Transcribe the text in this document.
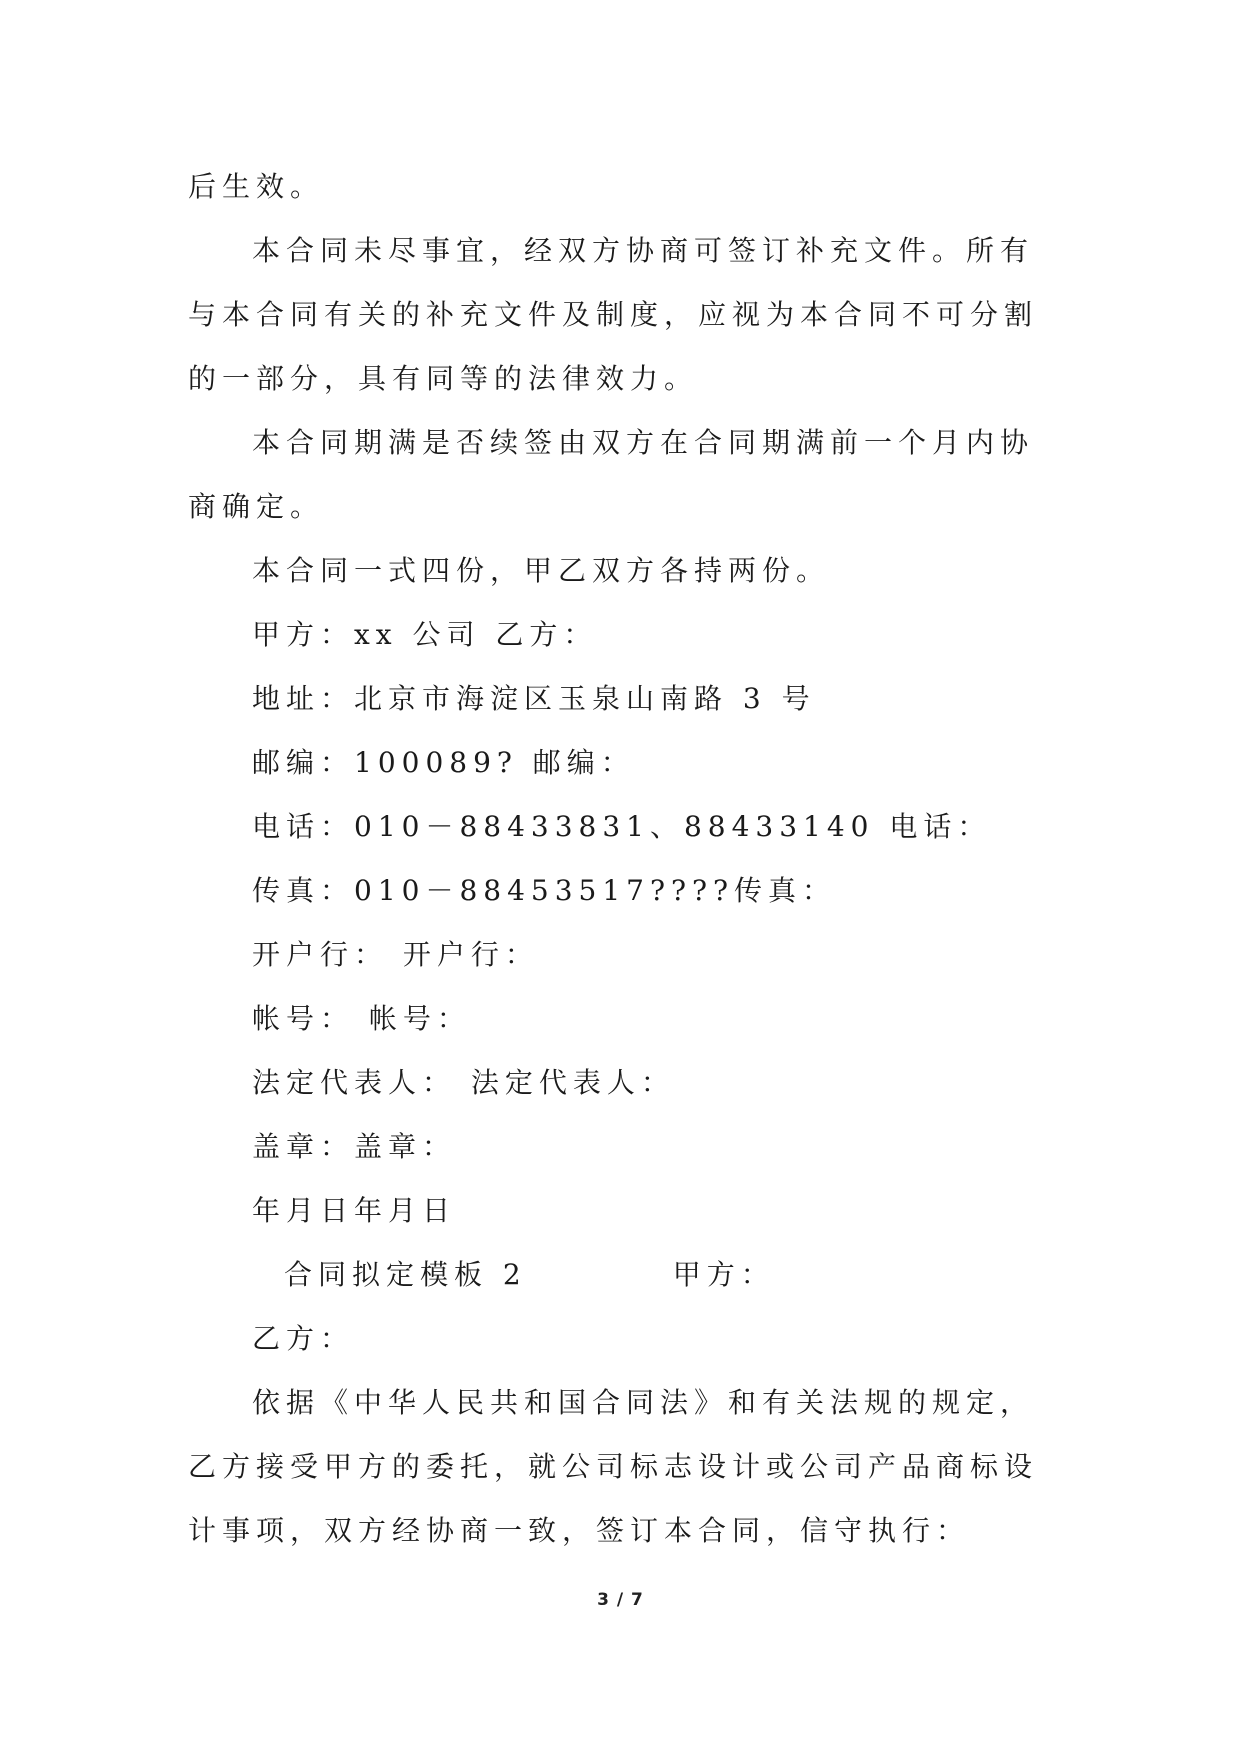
后生效。

本合同未尽事宜，经双方协商可签订补充文件。所有与本合同有关的补充文件及制度，应视为本合同不可分割的一部分，具有同等的法律效力。

本合同期满是否续签由双方在合同期满前一个月内协商确定。

本合同一式四份，甲乙双方各持两份。

甲方：xx 公司 乙方：

地址：北京市海淀区玉泉山南路 3 号

邮编：100089? 邮编：

电话：010－88433831、88433140 电话：

传真：010－88453517????传真：

开户行： 开户行：

帐号： 帐号：

法定代表人： 法定代表人：

盖章：盖章：

年月日年月日

合同拟定模板 2	甲方：

乙方：

依据《中华人民共和国合同法》和有关法规的规定，乙方接受甲方的委托，就公司标志设计或公司产品商标设计事项，双方经协商一致，签订本合同，信守执行：

3 / 7
